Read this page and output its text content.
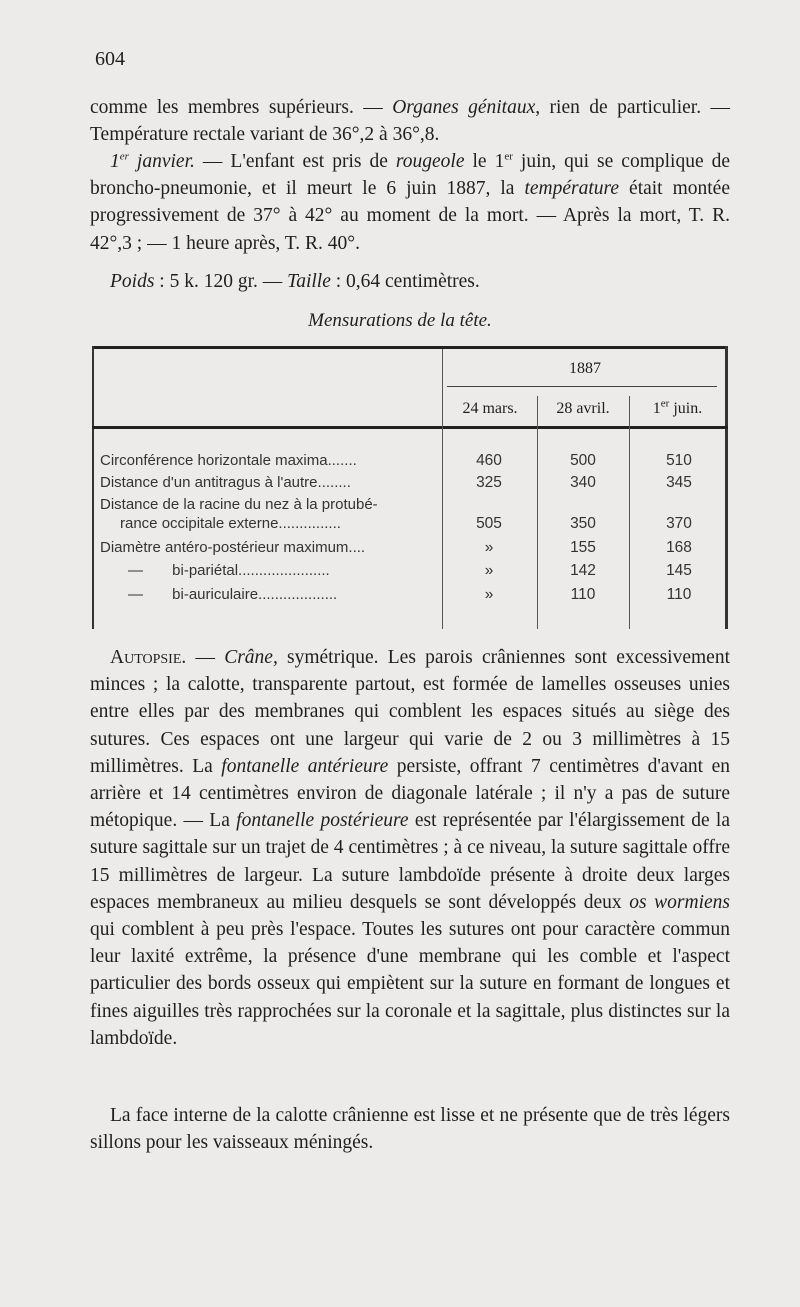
604
comme les membres supérieurs. — Organes génitaux, rien de particulier. — Température rectale variant de 36°,2 à 36°,8.
1er janvier. — L'enfant est pris de rougeole le 1er juin, qui se complique de broncho-pneumonie, et il meurt le 6 juin 1887, la température était montée progressivement de 37° à 42° au moment de la mort. — Après la mort, T. R. 42°,3 ; — 1 heure après, T. R. 40°.
Poids : 5 k. 120 gr. — Taille : 0,64 centimètres.
Mensurations de la tête.
1887
24 mars.	28 avril.	1er juin.
Circonférence horizontale maxima.......	460	500	510
Distance d'un antitragus à l'autre........	325	340	345
Distance de la racine du nez à la protubé-
rance occipitale externe...............	505	350	370
Diamètre antéro-postérieur maximum....	»	155	168
—       bi-pariétal......................	»	142	145
—       bi-auriculaire...................	»	110	110
Autopsie. — Crâne, symétrique. Les parois crâniennes sont excessivement minces ; la calotte, transparente partout, est formée de lamelles osseuses unies entre elles par des membranes qui comblent les espaces situés au siège des sutures. Ces espaces ont une largeur qui varie de 2 ou 3 millimètres à 15 millimètres. La fontanelle antérieure persiste, offrant 7 centimètres d'avant en arrière et 14 centimètres environ de diagonale latérale ; il n'y a pas de suture métopique. — La fontanelle postérieure est représentée par l'élargissement de la suture sagittale sur un trajet de 4 centimètres ; à ce niveau, la suture sagittale offre 15 millimètres de largeur. La suture lambdoïde présente à droite deux larges espaces membraneux au milieu desquels se sont développés deux os wormiens qui comblent à peu près l'espace. Toutes les sutures ont pour caractère commun leur laxité extrême, la présence d'une membrane qui les comble et l'aspect particulier des bords osseux qui empiètent sur la suture en formant de longues et fines aiguilles très rapprochées sur la coronale et la sagittale, plus distinctes sur la lambdoïde.
La face interne de la calotte crânienne est lisse et ne présente que de très légers sillons pour les vaisseaux méningés.
